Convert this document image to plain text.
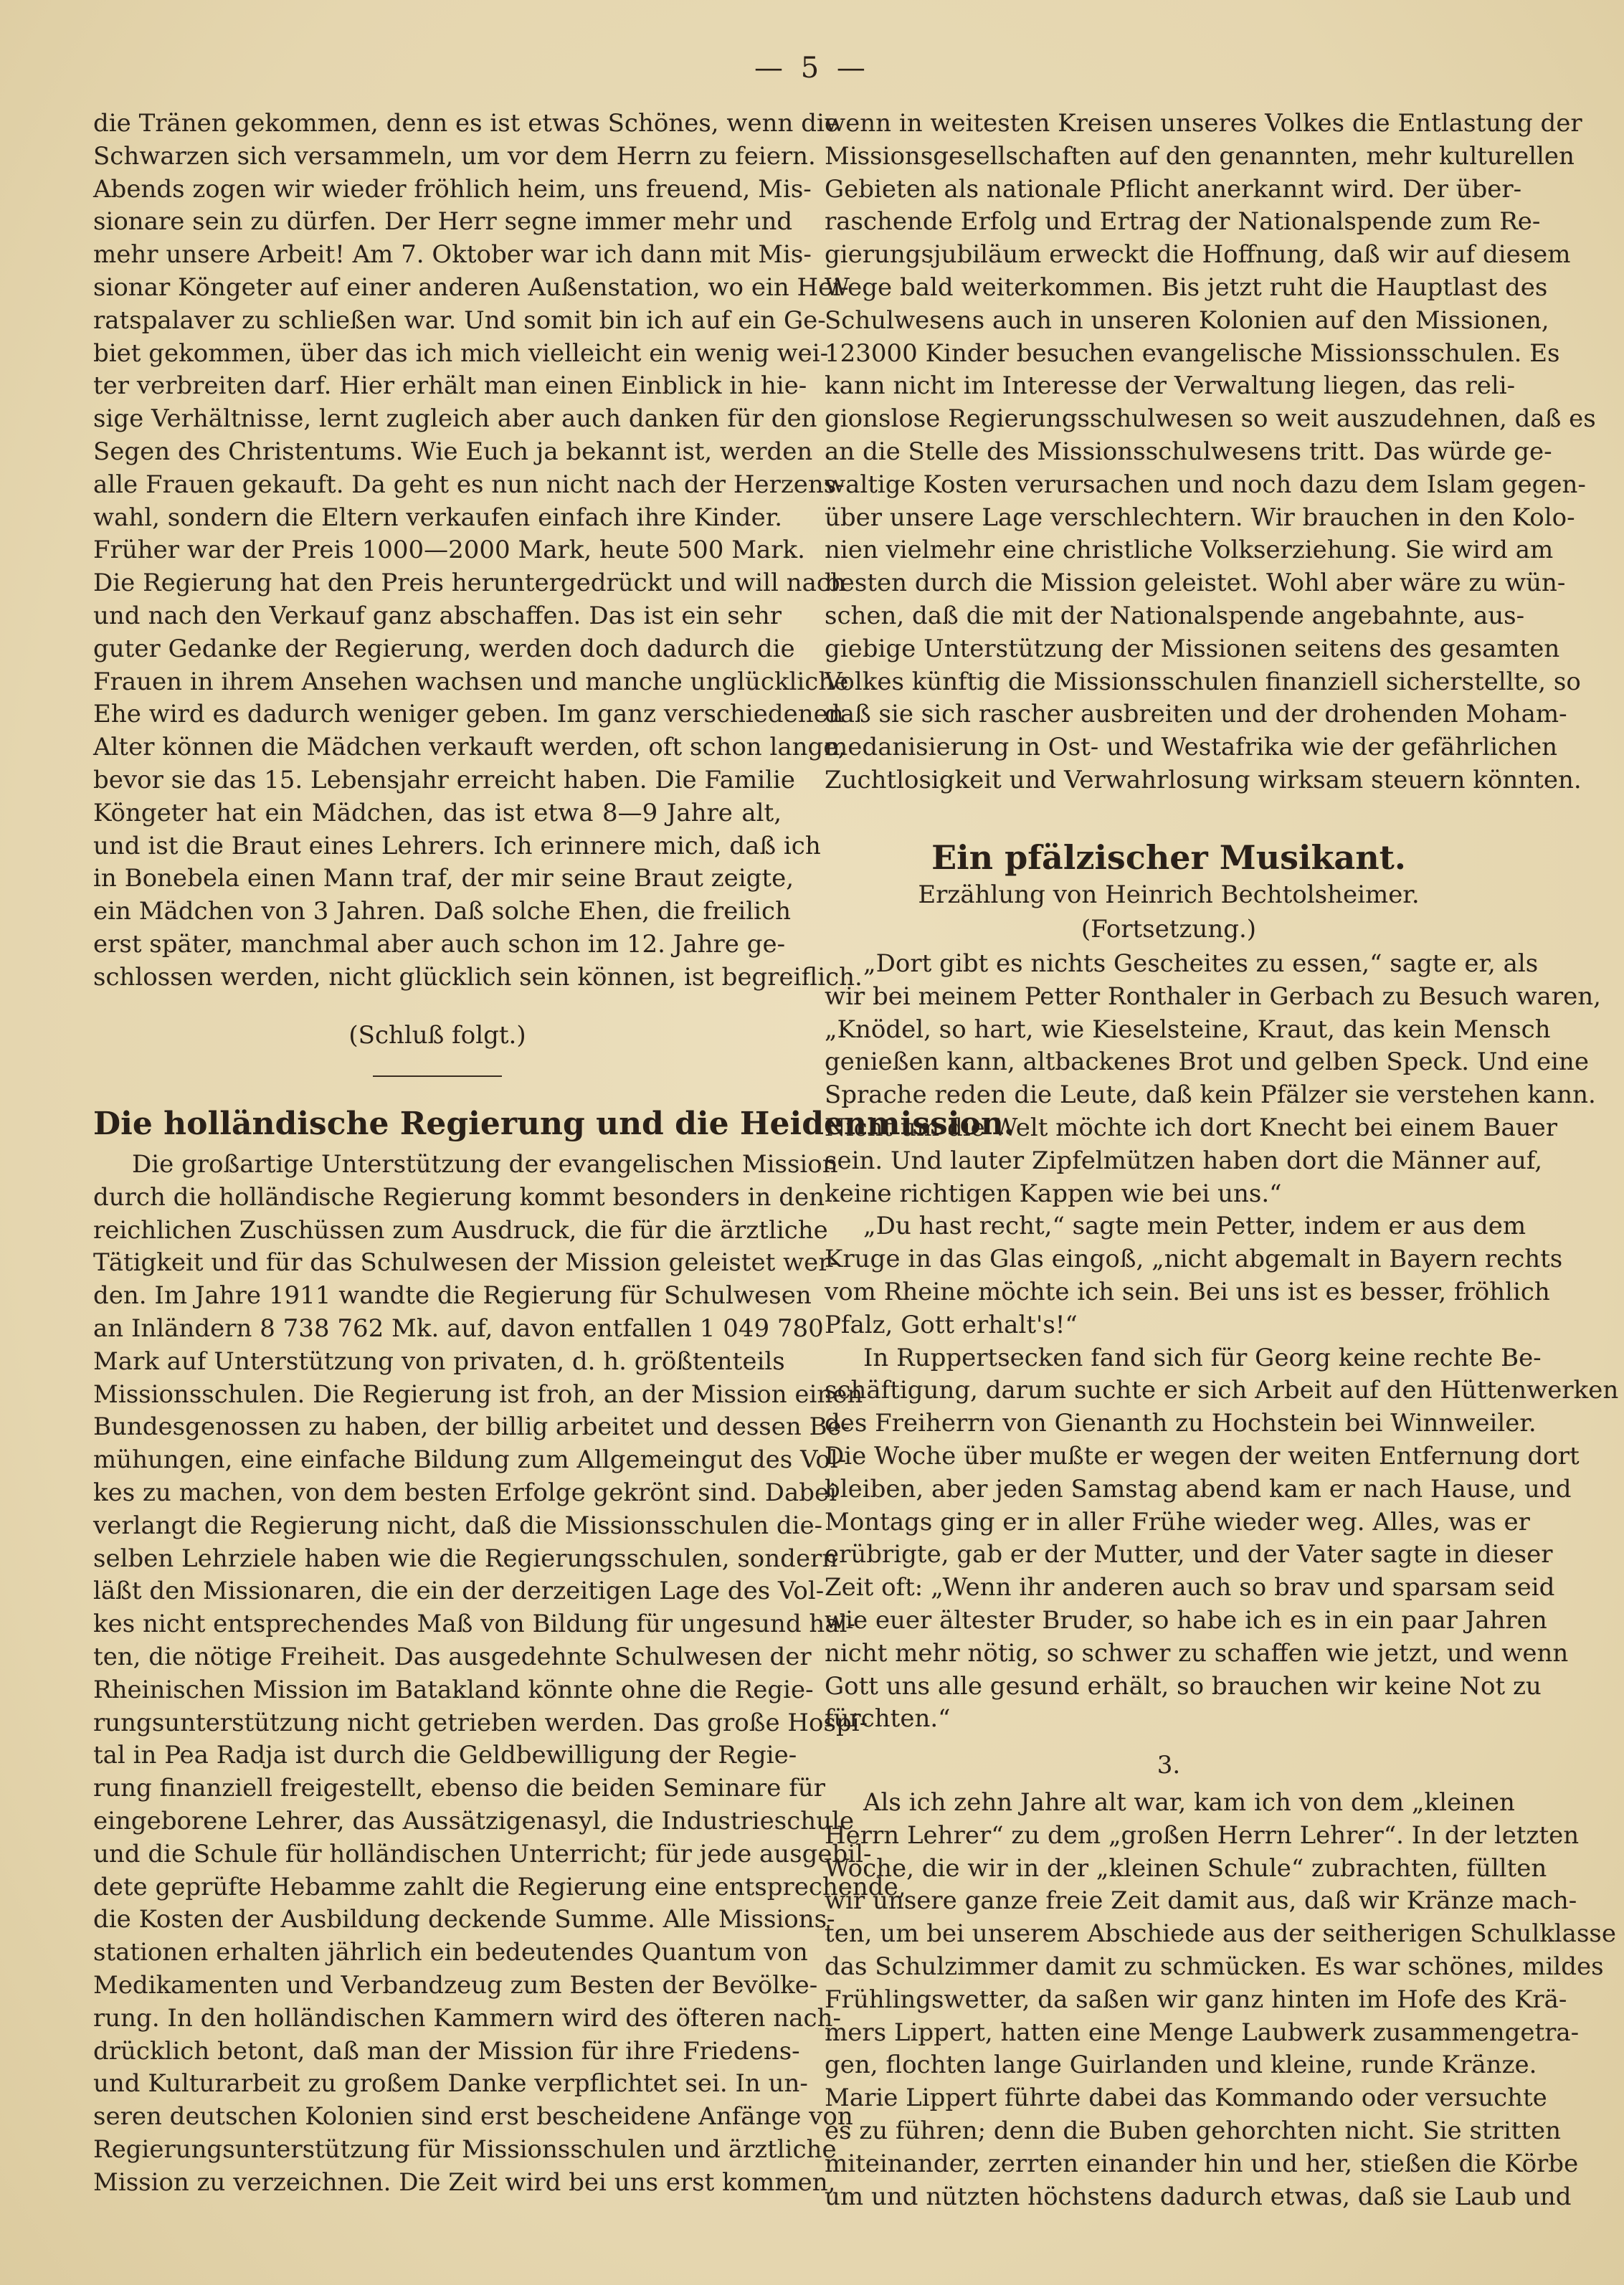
— 5 —
die Tränen gekommen, denn es ist etwas Schönes, wenn die
Schwarzen sich versammeln, um vor dem Herrn zu feiern.
Abends zogen wir wieder fröhlich heim, uns freuend, Mis-
sionare sein zu dürfen. Der Herr segne immer mehr und
mehr unsere Arbeit! Am 7. Oktober war ich dann mit Mis-
sionar Köngeter auf einer anderen Außenstation, wo ein Hei-
ratspalaver zu schließen war. Und somit bin ich auf ein Ge-
biet gekommen, über das ich mich vielleicht ein wenig wei-
ter verbreiten darf. Hier erhält man einen Einblick in hie-
sige Verhältnisse, lernt zugleich aber auch danken für den
Segen des Christentums. Wie Euch ja bekannt ist, werden
alle Frauen gekauft. Da geht es nun nicht nach der Herzens-
wahl, sondern die Eltern verkaufen einfach ihre Kinder.
Früher war der Preis 1000—2000 Mark, heute 500 Mark.
Die Regierung hat den Preis heruntergedrückt und will nach
und nach den Verkauf ganz abschaffen. Das ist ein sehr
guter Gedanke der Regierung, werden doch dadurch die
Frauen in ihrem Ansehen wachsen und manche unglückliche
Ehe wird es dadurch weniger geben. Im ganz verschiedenen
Alter können die Mädchen verkauft werden, oft schon lange,
bevor sie das 15. Lebensjahr erreicht haben. Die Familie
Köngeter hat ein Mädchen, das ist etwa 8—9 Jahre alt,
und ist die Braut eines Lehrers. Ich erinnere mich, daß ich
in Bonebela einen Mann traf, der mir seine Braut zeigte,
ein Mädchen von 3 Jahren. Daß solche Ehen, die freilich
erst später, manchmal aber auch schon im 12. Jahre ge-
schlossen werden, nicht glücklich sein können, ist begreiflich.
(Schluß folgt.)
Die holländische Regierung und die Heidenmission.
Die großartige Unterstützung der evangelischen Mission
durch die holländische Regierung kommt besonders in den
reichlichen Zuschüssen zum Ausdruck, die für die ärztliche
Tätigkeit und für das Schulwesen der Mission geleistet wer-
den. Im Jahre 1911 wandte die Regierung für Schulwesen
an Inländern 8 738 762 Mk. auf, davon entfallen 1 049 780
Mark auf Unterstützung von privaten, d. h. größtenteils
Missionsschulen. Die Regierung ist froh, an der Mission einen
Bundesgenossen zu haben, der billig arbeitet und dessen Be-
mühungen, eine einfache Bildung zum Allgemeingut des Vol-
kes zu machen, von dem besten Erfolge gekrönt sind. Dabei
verlangt die Regierung nicht, daß die Missionsschulen die-
selben Lehrziele haben wie die Regierungsschulen, sondern
läßt den Missionaren, die ein der derzeitigen Lage des Vol-
kes nicht entsprechendes Maß von Bildung für ungesund hal-
ten, die nötige Freiheit. Das ausgedehnte Schulwesen der
Rheinischen Mission im Batakland könnte ohne die Regie-
rungsunterstützung nicht getrieben werden. Das große Hospi-
tal in Pea Radja ist durch die Geldbewilligung der Regie-
rung finanziell freigestellt, ebenso die beiden Seminare für
eingeborene Lehrer, das Aussätzigenasyl, die Industrieschule
und die Schule für holländischen Unterricht; für jede ausgebil-
dete geprüfte Hebamme zahlt die Regierung eine entsprechende,
die Kosten der Ausbildung deckende Summe. Alle Missions-
stationen erhalten jährlich ein bedeutendes Quantum von
Medikamenten und Verbandzeug zum Besten der Bevölke-
rung. In den holländischen Kammern wird des öfteren nach-
drücklich betont, daß man der Mission für ihre Friedens-
und Kulturarbeit zu großem Danke verpflichtet sei. In un-
seren deutschen Kolonien sind erst bescheidene Anfänge von
Regierungsunterstützung für Missionsschulen und ärztliche
Mission zu verzeichnen. Die Zeit wird bei uns erst kommen,
wenn in weitesten Kreisen unseres Volkes die Entlastung der
Missionsgesellschaften auf den genannten, mehr kulturellen
Gebieten als nationale Pflicht anerkannt wird. Der über-
raschende Erfolg und Ertrag der Nationalspende zum Re-
gierungsjubiläum erweckt die Hoffnung, daß wir auf diesem
Wege bald weiterkommen. Bis jetzt ruht die Hauptlast des
Schulwesens auch in unseren Kolonien auf den Missionen,
123000 Kinder besuchen evangelische Missionsschulen. Es
kann nicht im Interesse der Verwaltung liegen, das reli-
gionslose Regierungsschulwesen so weit auszudehnen, daß es
an die Stelle des Missionsschulwesens tritt. Das würde ge-
waltige Kosten verursachen und noch dazu dem Islam gegen-
über unsere Lage verschlechtern. Wir brauchen in den Kolo-
nien vielmehr eine christliche Volkserziehung. Sie wird am
besten durch die Mission geleistet. Wohl aber wäre zu wün-
schen, daß die mit der Nationalspende angebahnte, aus-
giebige Unterstützung der Missionen seitens des gesamten
Volkes künftig die Missionsschulen finanziell sicherstellte, so
daß sie sich rascher ausbreiten und der drohenden Moham-
medanisierung in Ost- und Westafrika wie der gefährlichen
Zuchtlosigkeit und Verwahrlosung wirksam steuern könnten.
Ein pfälzischer Musikant.
Erzählung von Heinrich Bechtolsheimer.
(Fortsetzung.)
„Dort gibt es nichts Gescheites zu essen,“ sagte er, als
wir bei meinem Petter Ronthaler in Gerbach zu Besuch waren,
„Knödel, so hart, wie Kieselsteine, Kraut, das kein Mensch
genießen kann, altbackenes Brot und gelben Speck. Und eine
Sprache reden die Leute, daß kein Pfälzer sie verstehen kann.
Nicht um die Welt möchte ich dort Knecht bei einem Bauer
sein. Und lauter Zipfelmützen haben dort die Männer auf,
keine richtigen Kappen wie bei uns.“
„Du hast recht,“ sagte mein Petter, indem er aus dem
Kruge in das Glas eingoß, „nicht abgemalt in Bayern rechts
vom Rheine möchte ich sein. Bei uns ist es besser, fröhlich
Pfalz, Gott erhalt's!“
In Ruppertsecken fand sich für Georg keine rechte Be-
schäftigung, darum suchte er sich Arbeit auf den Hüttenwerken
des Freiherrn von Gienanth zu Hochstein bei Winnweiler.
Die Woche über mußte er wegen der weiten Entfernung dort
bleiben, aber jeden Samstag abend kam er nach Hause, und
Montags ging er in aller Frühe wieder weg. Alles, was er
erübrigte, gab er der Mutter, und der Vater sagte in dieser
Zeit oft: „Wenn ihr anderen auch so brav und sparsam seid
wie euer ältester Bruder, so habe ich es in ein paar Jahren
nicht mehr nötig, so schwer zu schaffen wie jetzt, und wenn
Gott uns alle gesund erhält, so brauchen wir keine Not zu
fürchten.“
3.
Als ich zehn Jahre alt war, kam ich von dem „kleinen
Herrn Lehrer“ zu dem „großen Herrn Lehrer“. In der letzten
Woche, die wir in der „kleinen Schule“ zubrachten, füllten
wir unsere ganze freie Zeit damit aus, daß wir Kränze mach-
ten, um bei unserem Abschiede aus der seitherigen Schulklasse
das Schulzimmer damit zu schmücken. Es war schönes, mildes
Frühlingswetter, da saßen wir ganz hinten im Hofe des Krä-
mers Lippert, hatten eine Menge Laubwerk zusammengetra-
gen, flochten lange Guirlanden und kleine, runde Kränze.
Marie Lippert führte dabei das Kommando oder versuchte
es zu führen; denn die Buben gehorchten nicht. Sie stritten
miteinander, zerrten einander hin und her, stießen die Körbe
um und nützten höchstens dadurch etwas, daß sie Laub und
